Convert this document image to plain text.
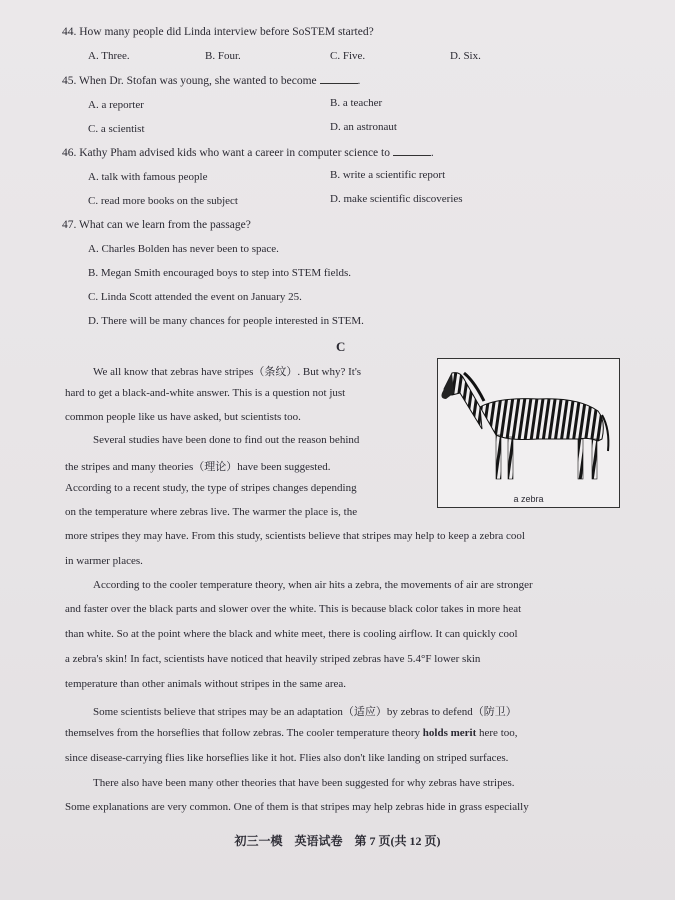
44. How many people did Linda interview before SoSTEM started?
A. Three.	B. Four.	C. Five.	D. Six.
45. When Dr. Stofan was young, she wanted to become	.
A. a reporter	B. a teacher
C. a scientist	D. an astronaut
46. Kathy Pham advised kids who want a career in computer science to	.
A. talk with famous people	B. write a scientific report
C. read more books on the subject	D. make scientific discoveries
47. What can we learn from the passage?
A. Charles Bolden has never been to space.
B. Megan Smith encouraged boys to step into STEM fields.
C. Linda Scott attended the event on January 25.
D. There will be many chances for people interested in STEM.
C
a zebra
We all know that zebras have stripes（条纹）. But why? It's
hard to get a black-and-white answer. This is a question not just
common people like us have asked, but scientists too.
Several studies have been done to find out the reason behind
the stripes and many theories（理论）have been suggested.
According to a recent study, the type of stripes changes depending
on the temperature where zebras live. The warmer the place is, the
more stripes they may have. From this study, scientists believe that stripes may help to keep a zebra cool
in warmer places.
According to the cooler temperature theory, when air hits a zebra, the movements of air are stronger
and faster over the black parts and slower over the white. This is because black color takes in more heat
than white. So at the point where the black and white meet, there is cooling airflow. It can quickly cool
a zebra's skin! In fact, scientists have noticed that heavily striped zebras have 5.4°F lower skin
temperature than other animals without stripes in the same area.
Some scientists believe that stripes may be an adaptation（适应）by zebras to defend（防卫）
themselves from the horseflies that follow zebras. The cooler temperature theory holds merit here too,
since disease-carrying flies like horseflies like it hot. Flies also don't like landing on striped surfaces.
There also have been many other theories that have been suggested for why zebras have stripes.
Some explanations are very common. One of them is that stripes may help zebras hide in grass especially
初三一模　英语试卷　第 7 页(共 12 页)
